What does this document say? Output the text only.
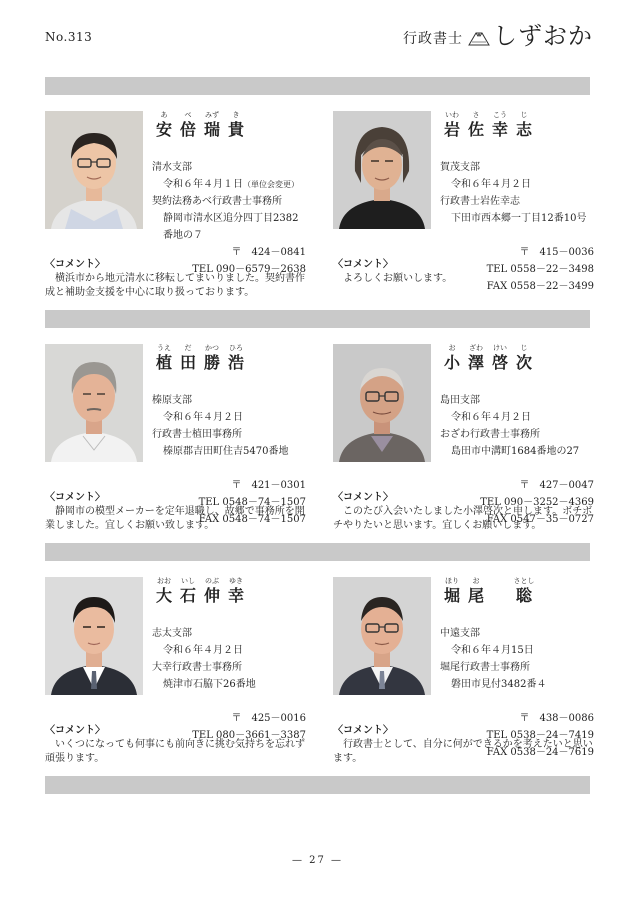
No.313	行政書士 しずおか
あ	べ	みず	き
安 倍 瑞 貴
清水支部
令和６年４月１日（単位会変更）
契約法務あべ行政書士事務所
静岡市清水区追分四丁目2382
番地の７
〒　424－0841
TEL 090－6579－2638
〈コメント〉
横浜市から地元清水に移転してまいりました。契約書作成と補助金支援を中心に取り扱っております。
いわ	さ	こう	じ
岩 佐 幸 志
賀茂支部
令和６年４月２日
行政書士岩佐幸志
下田市西本郷一丁目12番10号
〒　415－0036
TEL 0558－22－3498
FAX 0558－22－3499
〈コメント〉
よろしくお願いします。
うえ	だ	かつ	ひろ
植 田 勝 浩
榛原支部
令和６年４月２日
行政書士植田事務所
榛原郡吉田町住吉5470番地
〒　421－0301
TEL 0548－74－1507
FAX 0548－74－1507
〈コメント〉
静岡市の模型メーカーを定年退職し、故郷で事務所を開業しました。宜しくお願い致します。
お	ざわ	けい	じ
小 澤 啓 次
島田支部
令和６年４月２日
おざわ行政書士事務所
島田市中溝町1684番地の27
〒　427－0047
TEL 090－3252－4369
FAX 0547－35－0727
〈コメント〉
このたび入会いたしました小澤啓次と申します。ボチボチやりたいと思います。宜しくお願いします。
おお	いし	のぶ	ゆき
大 石 伸 幸
志太支部
令和６年４月２日
大幸行政書士事務所
焼津市石脇下26番地
〒　425－0016
TEL 080－3661－3387
〈コメント〉
いくつになっても何事にも前向きに挑む気持ちを忘れず頑張ります。
ほり	お	さとし
堀 尾 聡
中遠支部
令和６年４月15日
堀尾行政書士事務所
磐田市見付3482番４
〒　438－0086
TEL 0538－24－7419
FAX 0538－24－7619
〈コメント〉
行政書士として、自分に何ができるかを考えたいと思います。
— 27 —
